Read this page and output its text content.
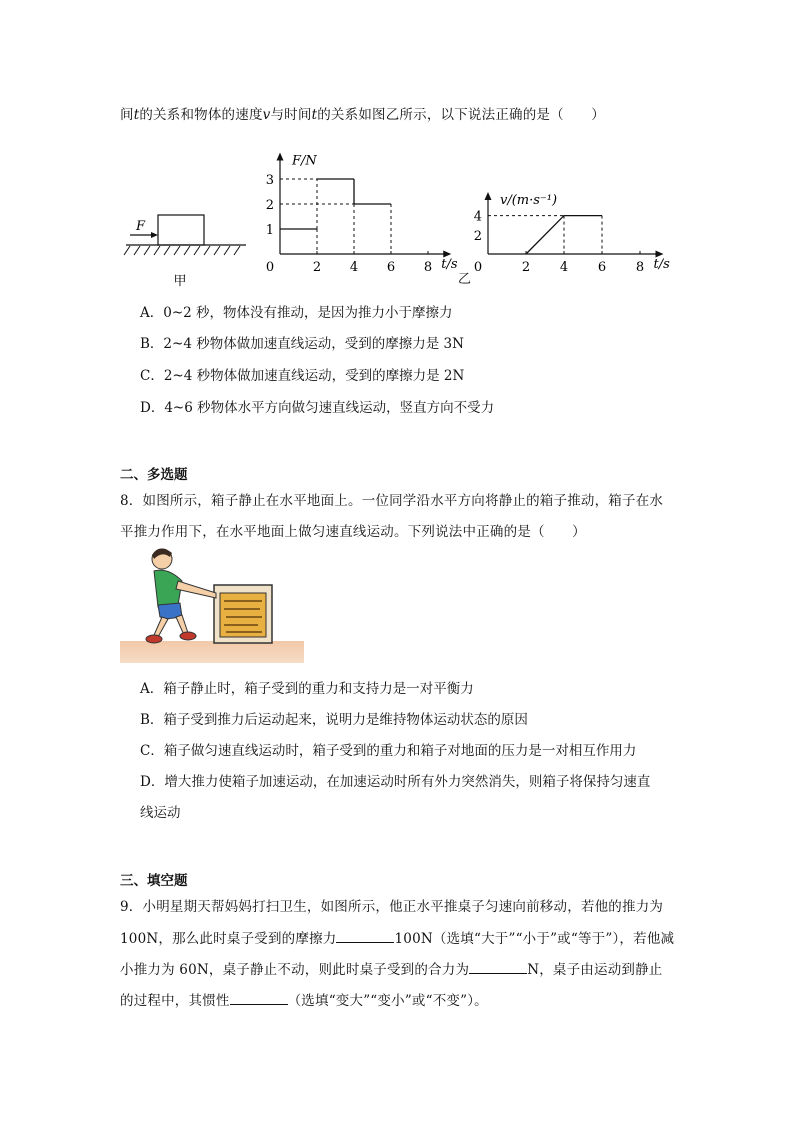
间t的关系和物体的速度v与时间t的关系如图乙所示，以下说法正确的是（　　）
F
甲
F/N
t/s
0	2 4 6 8
1
2
3
v/(m·s⁻¹)
t/s
0	2 4 6 8
2
4
乙
A．0~2 秒，物体没有推动，是因为推力小于摩擦力
B．2~4 秒物体做加速直线运动，受到的摩擦力是 3N
C．2~4 秒物体做加速直线运动，受到的摩擦力是 2N
D．4~6 秒物体水平方向做匀速直线运动，竖直方向不受力
二、多选题
8．如图所示，箱子静止在水平地面上。一位同学沿水平方向将静止的箱子推动，箱子在水
平推力作用下，在水平地面上做匀速直线运动。下列说法中正确的是（　　）
A．箱子静止时，箱子受到的重力和支持力是一对平衡力
B．箱子受到推力后运动起来，说明力是维持物体运动状态的原因
C．箱子做匀速直线运动时，箱子受到的重力和箱子对地面的压力是一对相互作用力
D．增大推力使箱子加速运动，在加速运动时所有外力突然消失，则箱子将保持匀速直
线运动
三、填空题
9．小明星期天帮妈妈打扫卫生，如图所示，他正水平推桌子匀速向前移动，若他的推力为
100N，那么此时桌子受到的摩擦力	100N（选填“大于”“小于”或“等于”），若他减
小推力为 60N，桌子静止不动，则此时桌子受到的合力为	N，桌子由运动到静止
的过程中，其惯性	（选填“变大”“变小”或“不变”）。
